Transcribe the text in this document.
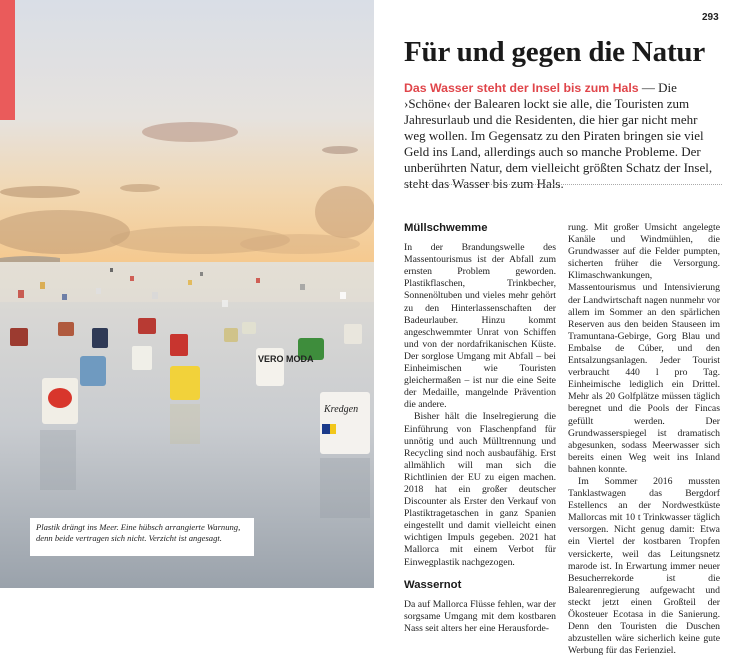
VERO MODA
Kredgen
Plastik drängt ins Meer. Eine hübsch arrangierte Warnung, denn beide vertragen sich nicht. Verzicht ist angesagt.
293
Für und gegen die Natur
Das Wasser steht der Insel bis zum Hals — Die ›Schöne‹ der Balearen lockt sie alle, die Touristen zum Jahresurlaub und die Residenten, die hier gar nicht mehr weg wollen. Im Gegensatz zu den Piraten bringen sie viel Geld ins Land, allerdings auch so manche Probleme. Der unberührten Natur, dem vielleicht größten Schatz der Insel, steht das Wasser bis zum Hals.
Müllschwemme

In der Brandungswelle des Massentourismus ist der Abfall zum ernsten Problem geworden. Plastikflaschen, Trinkbecher, Sonnenöltuben und vieles mehr gehört zu den Hinterlassenschaften der Badeurlauber. Hinzu kommt angeschwemmter Unrat von Schiffen und von der nordafrikanischen Küste. Der sorglose Umgang mit Abfall – bei Einheimischen wie Touristen gleichermaßen – ist nur die eine Seite der Medaille, mangelnde Prävention die andere.

Bisher hält die Inselregierung die Einführung von Flaschenpfand für unnötig und auch Mülltrennung und Recycling sind noch ausbaufähig. Erst allmählich will man sich die Richtlinien der EU zu eigen machen. 2018 hat ein großer deutscher Discounter als Erster den Verkauf von Plastiktragetaschen in ganz Spanien eingestellt und damit vielleicht einen wichtigen Impuls gegeben. 2021 hat Mallorca mit einem Verbot für Einwegplastik nachgezogen.

Wassernot

Da auf Mallorca Flüsse fehlen, war der sorgsame Umgang mit dem kostbaren Nass seit alters her eine Herausforde-

rung. Mit großer Umsicht angelegte Kanäle und Windmühlen, die Grundwasser auf die Felder pumpten, sicherten früher die Versorgung. Klimaschwankungen, Massentourismus und Intensivierung der Landwirtschaft nagen nunmehr vor allem im Sommer an den spärlichen Reserven aus den beiden Stauseen im Tramuntana-Gebirge, Gorg Blau und Embalse de Cúber, und den Entsalzungsanlagen. Jeder Tourist verbraucht 440 l pro Tag. Einheimische lediglich ein Drittel. Mehr als 20 Golfplätze müssen täglich beregnet und die Pools der Fincas gefüllt werden. Der Grundwasserspiegel ist dramatisch abgesunken, sodass Meerwasser sich bereits einen Weg weit ins Inland bahnen konnte.

Im Sommer 2016 mussten Tanklastwagen das Bergdorf Estellencs an der Nordwestküste Mallorcas mit 10 t Trinkwasser täglich versorgen. Nicht genug damit: Etwa ein Viertel der kostbaren Tropfen versickerte, weil das Leitungsnetz marode ist. In Erwartung immer neuer Besucherrekorde ist die Balearenregierung aufgewacht und steckt jetzt einen Großteil der Ökosteuer Ecotasa in die Sanierung. Denn den Touristen die Duschen abzustellen wäre sicherlich keine gute Werbung für das Ferienziel.
